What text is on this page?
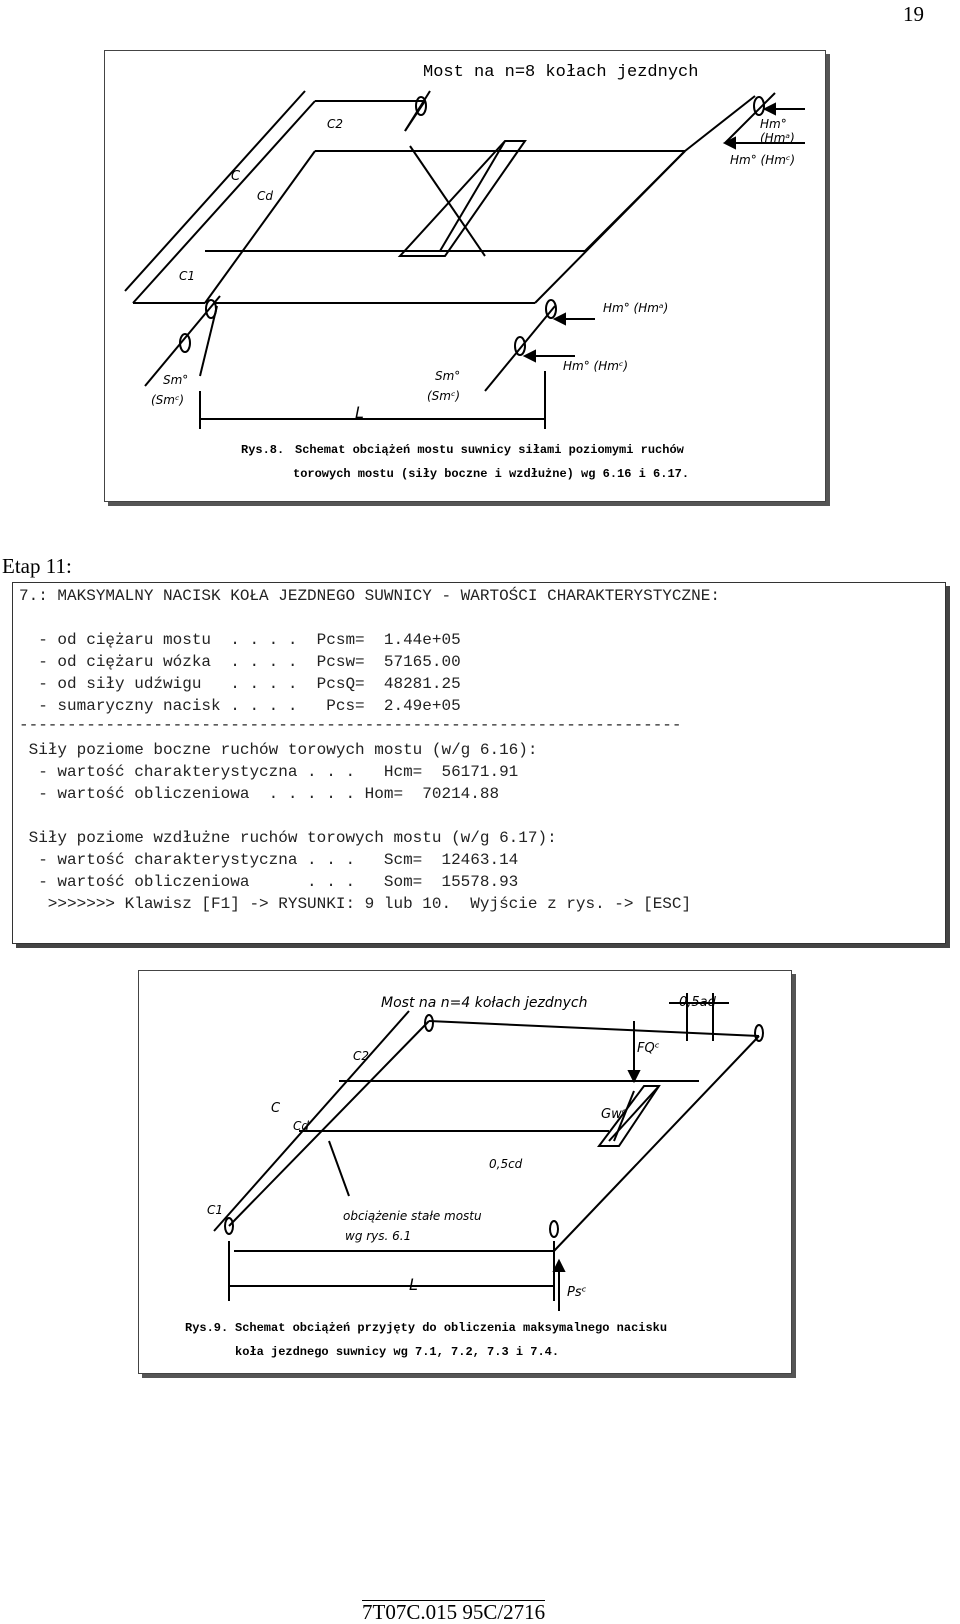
19
Most na n=8 kołach jezdnych
C
Cd
C1
C2
L
Hm° (Hmᵃ)
Hm° (Hmᶜ)
Hm° (Hmᵃ)
Hm° (Hmᶜ)
Sm°
(Smᶜ)
Sm°
(Smᶜ)
Rys.8. Schemat obciążeń mostu suwnicy siłami poziomymi ruchów
torowych mostu (siły boczne i wzdłużne) wg 6.16 i 6.17.
Etap 11:
7.: MAKSYMALNY NACISK KOŁA JEZDNEGO SUWNICY - WARTOŚCI CHARAKTERYSTYCZNE:
- od ciężaru mostu  . . . .  Pcsm=  1.44e+05
- od ciężaru wózka  . . . .  Pcsw=  57165.00
- od siły udźwigu   . . . .  PcsQ=  48281.25
- sumaryczny nacisk . . . .   Pcs=  2.49e+05
---------------------------------------------------------------------
Siły poziome boczne ruchów torowych mostu (w/g 6.16):
- wartość charakterystyczna . . .   Hcm=  56171.91
- wartość obliczeniowa  . . . . . Hom=  70214.88
Siły poziome wzdłużne ruchów torowych mostu (w/g 6.17):
- wartość charakterystyczna . . .   Scm=  12463.14
- wartość obliczeniowa      . . .   Som=  15578.93
>>>>>>> Klawisz [F1] -> RYSUNKI: 9 lub 10.  Wyjście z rys. -> [ESC]
Most na n=4 kołach jezdnych
C
Cd
C1
C2
L
0,5ad
0,5cd
FQᶜ
Gwᶜ
Psᶜ
obciążenie stałe mostu
wg rys. 6.1
Rys.9. Schemat obciążeń przyjęty do obliczenia maksymalnego nacisku
koła jezdnego suwnicy wg 7.1, 7.2, 7.3 i 7.4.
7T07C.015 95C/2716
